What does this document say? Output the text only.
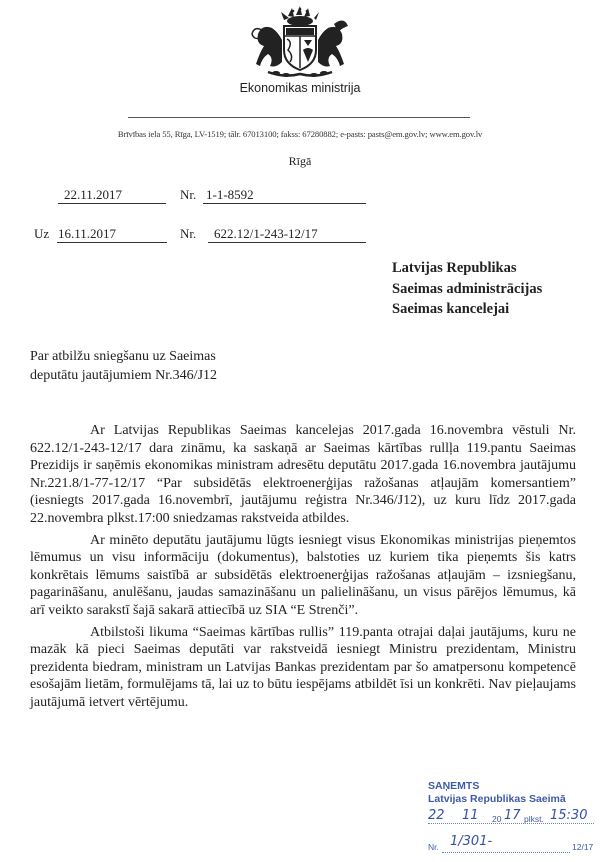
Ekonomikas ministrija
Brīvības iela 55, Rīga, LV-1519; tālr. 67013100; fakss: 67280882; e-pasts: pasts@em.gov.lv; www.em.gov.lv
Rīgā
22.11.2017	Nr. 1-1-8592
Uz 16.11.2017	Nr. 622.12/1-243-12/17
Latvijas Republikas
Saeimas administrācijas
Saeimas kancelejai
Par atbilžu sniegšanu uz Saeimas
deputātu jautājumiem Nr.346/J12

Ar Latvijas Republikas Saeimas kancelejas 2017.gada 16.novembra vēstuli Nr. 622.12/1-243-12/17 dara zināmu, ka saskaņā ar Saeimas kārtības rullļa 119.pantu Saeimas Prezidijs ir saņēmis ekonomikas ministram adresētu deputātu 2017.gada 16.novembra jautājumu Nr.221.8/1-77-12/17 “Par subsidētās elektroenerģijas ražošanas atļaujām komersantiem” (iesniegts 2017.gada 16.novembrī, jautājumu reģistra Nr.346/J12), uz kuru līdz 2017.gada 22.novembra plkst.17:00 sniedzamas rakstveida atbildes.

Ar minēto deputātu jautājumu lūgts iesniegt visus Ekonomikas ministrijas pieņemtos lēmumus un visu informāciju (dokumentus), balstoties uz kuriem tika pieņemts šis katrs konkrētais lēmums saistībā ar subsidētās elektroenerģijas ražošanas atļaujām – izsniegšanu, pagarināšanu, anulēšanu, jaudas samazināšanu un palielināšanu, un visus pārējos lēmumus, kā arī veikto sarakstī šajā sakarā attiecībā uz SIA “E Strenči”.

Atbilstoši likuma “Saeimas kārtības rullis” 119.panta otrajai daļai jautājums, kuru ne mazāk kā pieci Saeimas deputāti var rakstveidā iesniegt Ministru prezidentam, Ministru prezidenta biedram, ministram un Latvijas Bankas prezidentam par šo amatpersonu kompetencē esošajām lietām, formulējams tā, lai uz to būtu iespējams atbildēt īsi un konkrēti. Nav pieļaujams jautājumā ietvert vērtējumu.

SAŅEMTS
Latvijas Republikas Saeimā
22 11 20 17 plkst. 15:30
Nr. 1/301-	12/17
